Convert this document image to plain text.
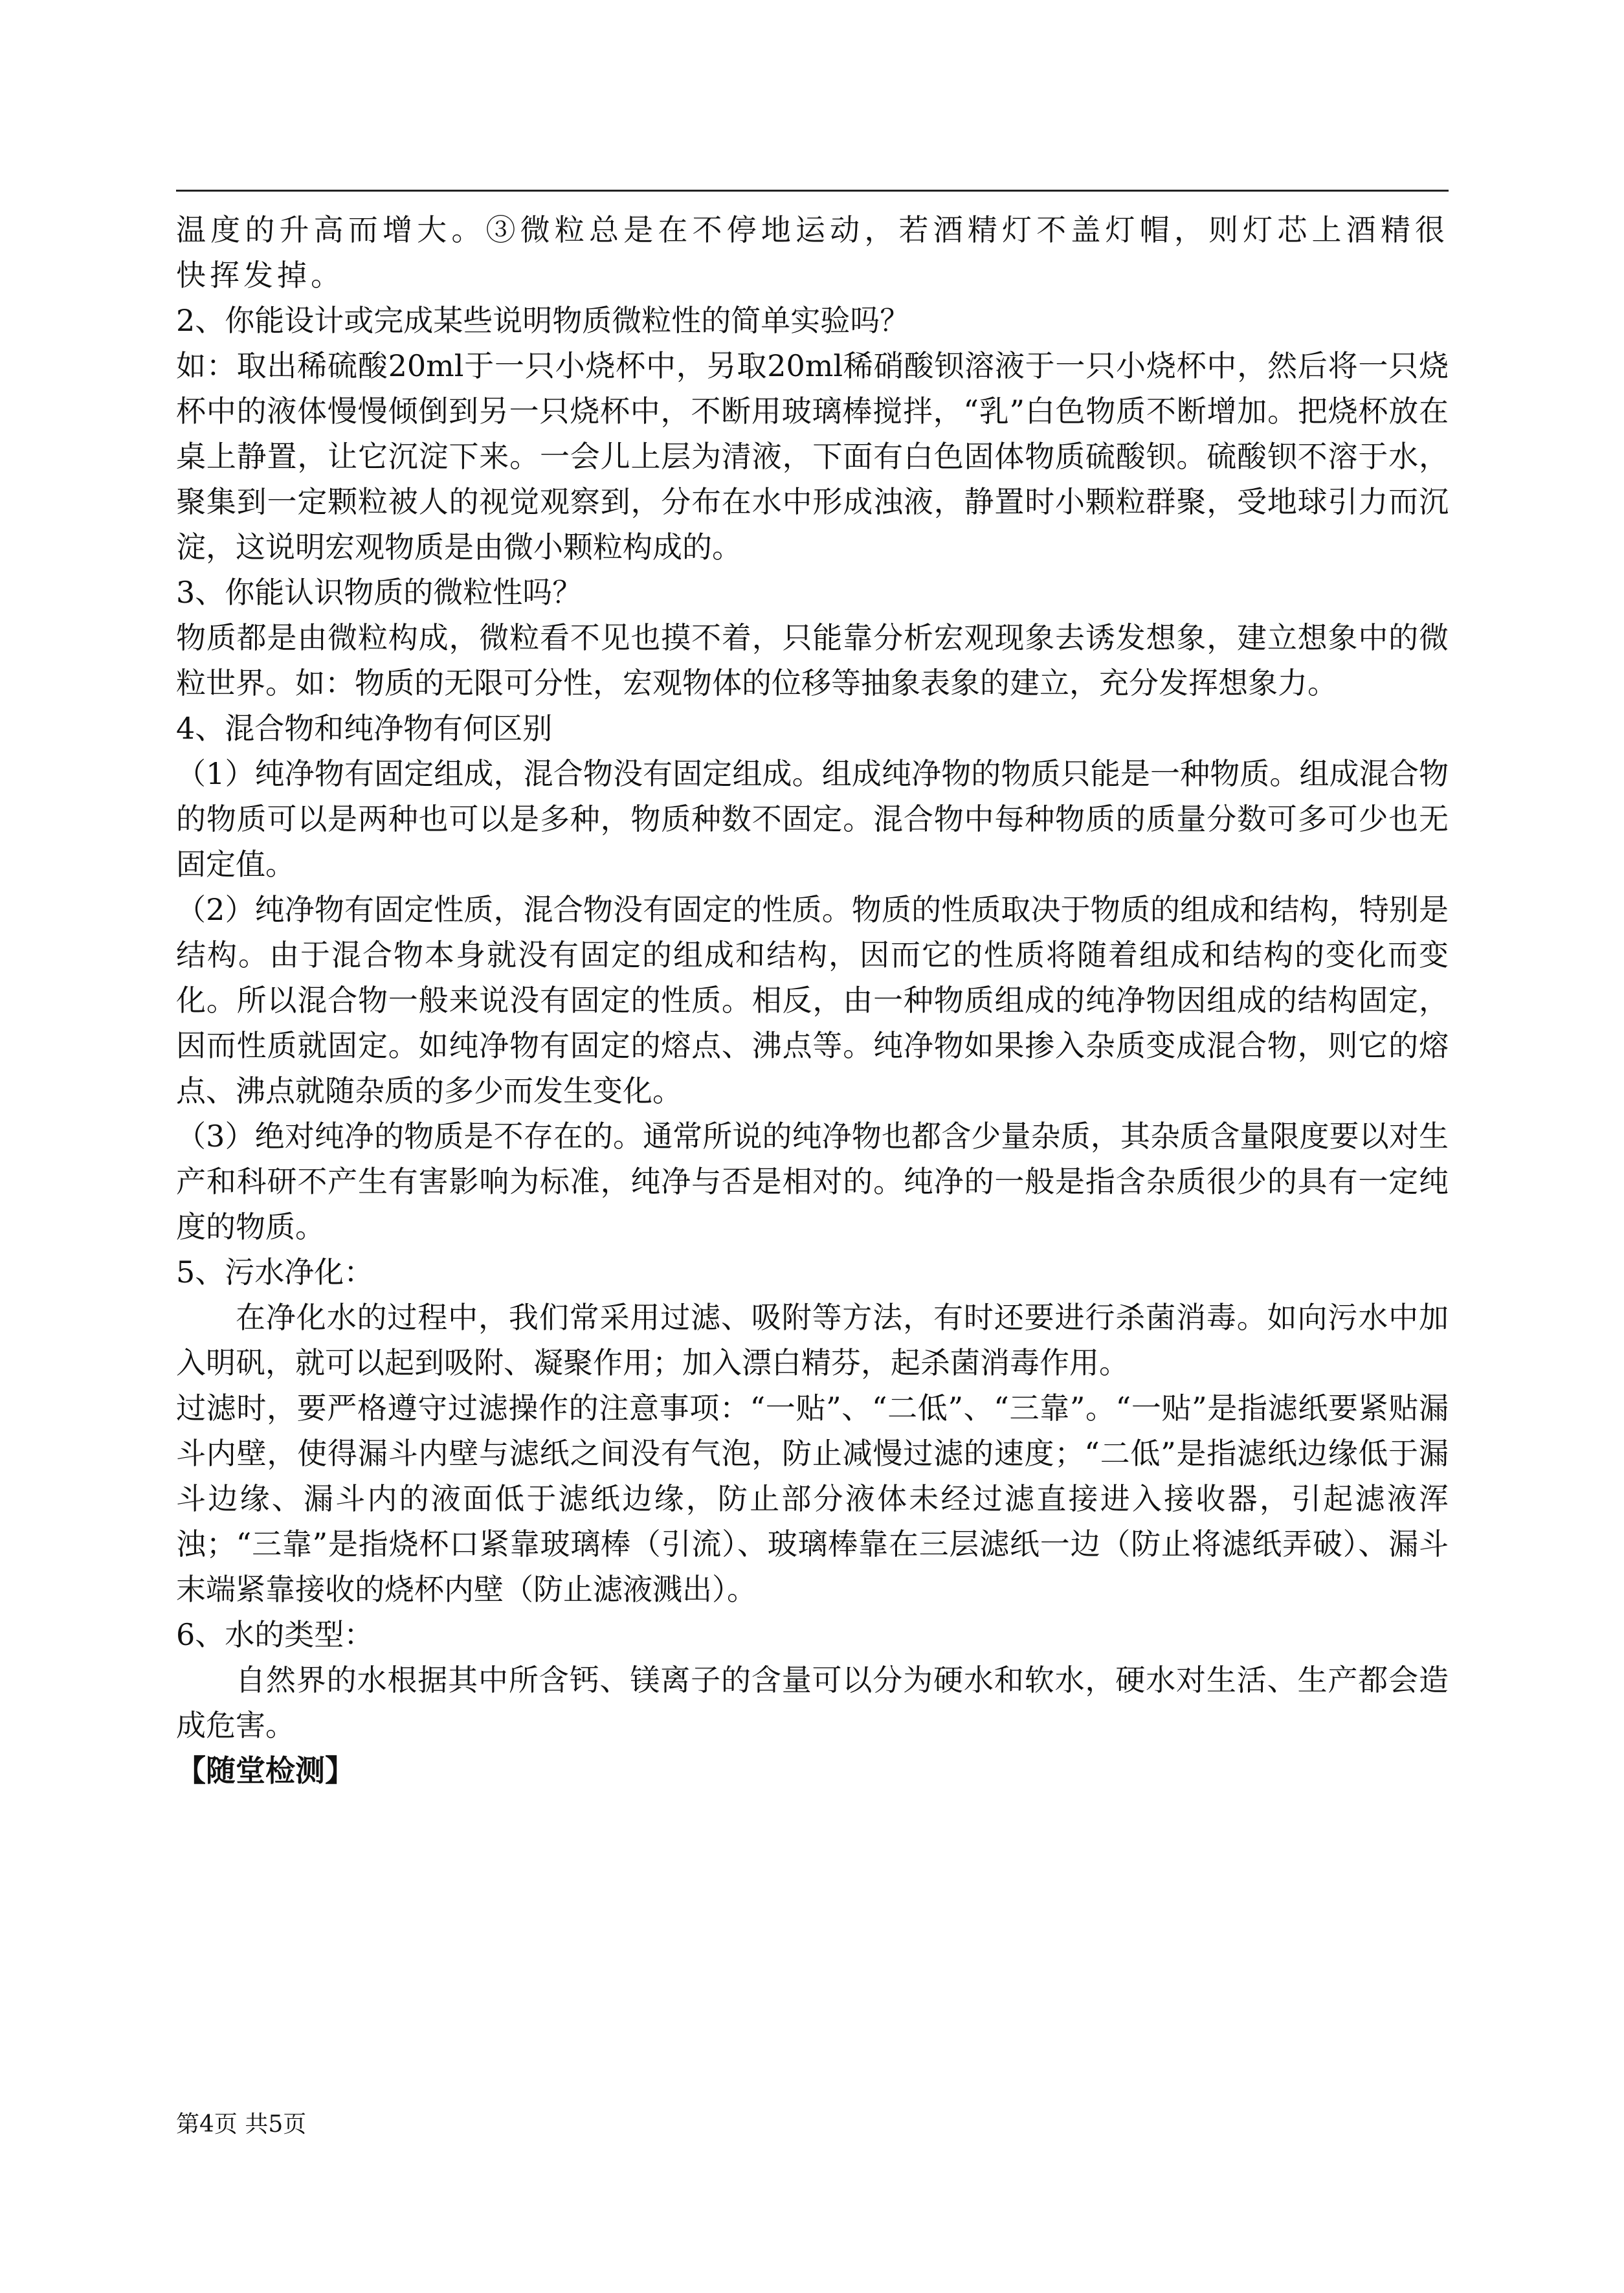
温度的升高而增大。③微粒总是在不停地运动，若酒精灯不盖灯帽，则灯芯上酒精很快挥发掉。

2、你能设计或完成某些说明物质微粒性的简单实验吗？

如：取出稀硫酸20ml于一只小烧杯中，另取20ml稀硝酸钡溶液于一只小烧杯中，然后将一只烧杯中的液体慢慢倾倒到另一只烧杯中，不断用玻璃棒搅拌，“乳”白色物质不断增加。把烧杯放在桌上静置，让它沉淀下来。一会儿上层为清液，下面有白色固体物质硫酸钡。硫酸钡不溶于水，聚集到一定颗粒被人的视觉观察到，分布在水中形成浊液，静置时小颗粒群聚，受地球引力而沉淀，这说明宏观物质是由微小颗粒构成的。

3、你能认识物质的微粒性吗？

物质都是由微粒构成，微粒看不见也摸不着，只能靠分析宏观现象去诱发想象，建立想象中的微粒世界。如：物质的无限可分性，宏观物体的位移等抽象表象的建立，充分发挥想象力。

4、混合物和纯净物有何区别

（1）纯净物有固定组成，混合物没有固定组成。组成纯净物的物质只能是一种物质。组成混合物的物质可以是两种也可以是多种，物质种数不固定。混合物中每种物质的质量分数可多可少也无固定值。

（2）纯净物有固定性质，混合物没有固定的性质。物质的性质取决于物质的组成和结构，特别是结构。由于混合物本身就没有固定的组成和结构，因而它的性质将随着组成和结构的变化而变化。所以混合物一般来说没有固定的性质。相反，由一种物质组成的纯净物因组成的结构固定，因而性质就固定。如纯净物有固定的熔点、沸点等。纯净物如果掺入杂质变成混合物，则它的熔点、沸点就随杂质的多少而发生变化。

（3）绝对纯净的物质是不存在的。通常所说的纯净物也都含少量杂质，其杂质含量限度要以对生产和科研不产生有害影响为标准，纯净与否是相对的。纯净的一般是指含杂质很少的具有一定纯度的物质。

5、污水净化：

在净化水的过程中，我们常采用过滤、吸附等方法，有时还要进行杀菌消毒。如向污水中加入明矾，就可以起到吸附、凝聚作用；加入漂白精芬，起杀菌消毒作用。

过滤时，要严格遵守过滤操作的注意事项：“一贴”、“二低”、“三靠”。“一贴”是指滤纸要紧贴漏斗内壁，使得漏斗内壁与滤纸之间没有气泡，防止减慢过滤的速度；“二低”是指滤纸边缘低于漏斗边缘、漏斗内的液面低于滤纸边缘，防止部分液体未经过滤直接进入接收器，引起滤液浑浊；“三靠”是指烧杯口紧靠玻璃棒（引流）、玻璃棒靠在三层滤纸一边（防止将滤纸弄破）、漏斗末端紧靠接收的烧杯内壁（防止滤液溅出）。

6、水的类型：

自然界的水根据其中所含钙、镁离子的含量可以分为硬水和软水，硬水对生活、生产都会造成危害。

【随堂检测】

第4页 共5页
